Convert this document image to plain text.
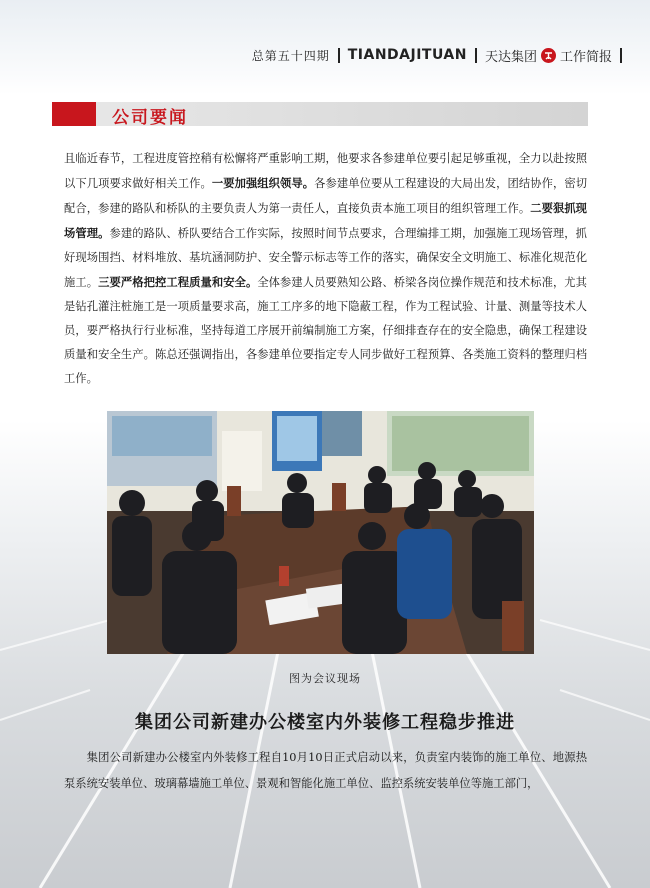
总第五十四期 TIANDAJITUAN 天达集团 工作简报
公司要闻
且临近春节，工程进度管控稍有松懈将严重影响工期，他要求各参建单位要引起足够重视，全力以赴按照以下几项要求做好相关工作。一要加强组织领导。各参建单位要从工程建设的大局出发，团结协作，密切配合，参建的路队和桥队的主要负责人为第一责任人，直接负责本施工项目的组织管理工作。二要狠抓现场管理。参建的路队、桥队要结合工作实际，按照时间节点要求，合理编排工期，加强施工现场管理，抓好现场围挡、材料堆放、基坑涵洞防护、安全警示标志等工作的落实，确保安全文明施工、标准化规范化施工。三要严格把控工程质量和安全。全体参建人员要熟知公路、桥梁各岗位操作规范和技术标准，尤其是钻孔灌注桩施工是一项质量要求高，施工工序多的地下隐蔽工程，作为工程试验、计量、测量等技术人员，要严格执行行业标准，坚持每道工序展开前编制施工方案，仔细排查存在的安全隐患，确保工程建设质量和安全生产。陈总还强调指出，各参建单位要指定专人同步做好工程预算、各类施工资料的整理归档工作。
图为会议现场
集团公司新建办公楼室内外装修工程稳步推进
集团公司新建办公楼室内外装修工程自10月10日正式启动以来，负责室内装饰的施工单位、地源热泵系统安装单位、玻璃幕墙施工单位、景观和智能化施工单位、监控系统安装单位等施工部门，
